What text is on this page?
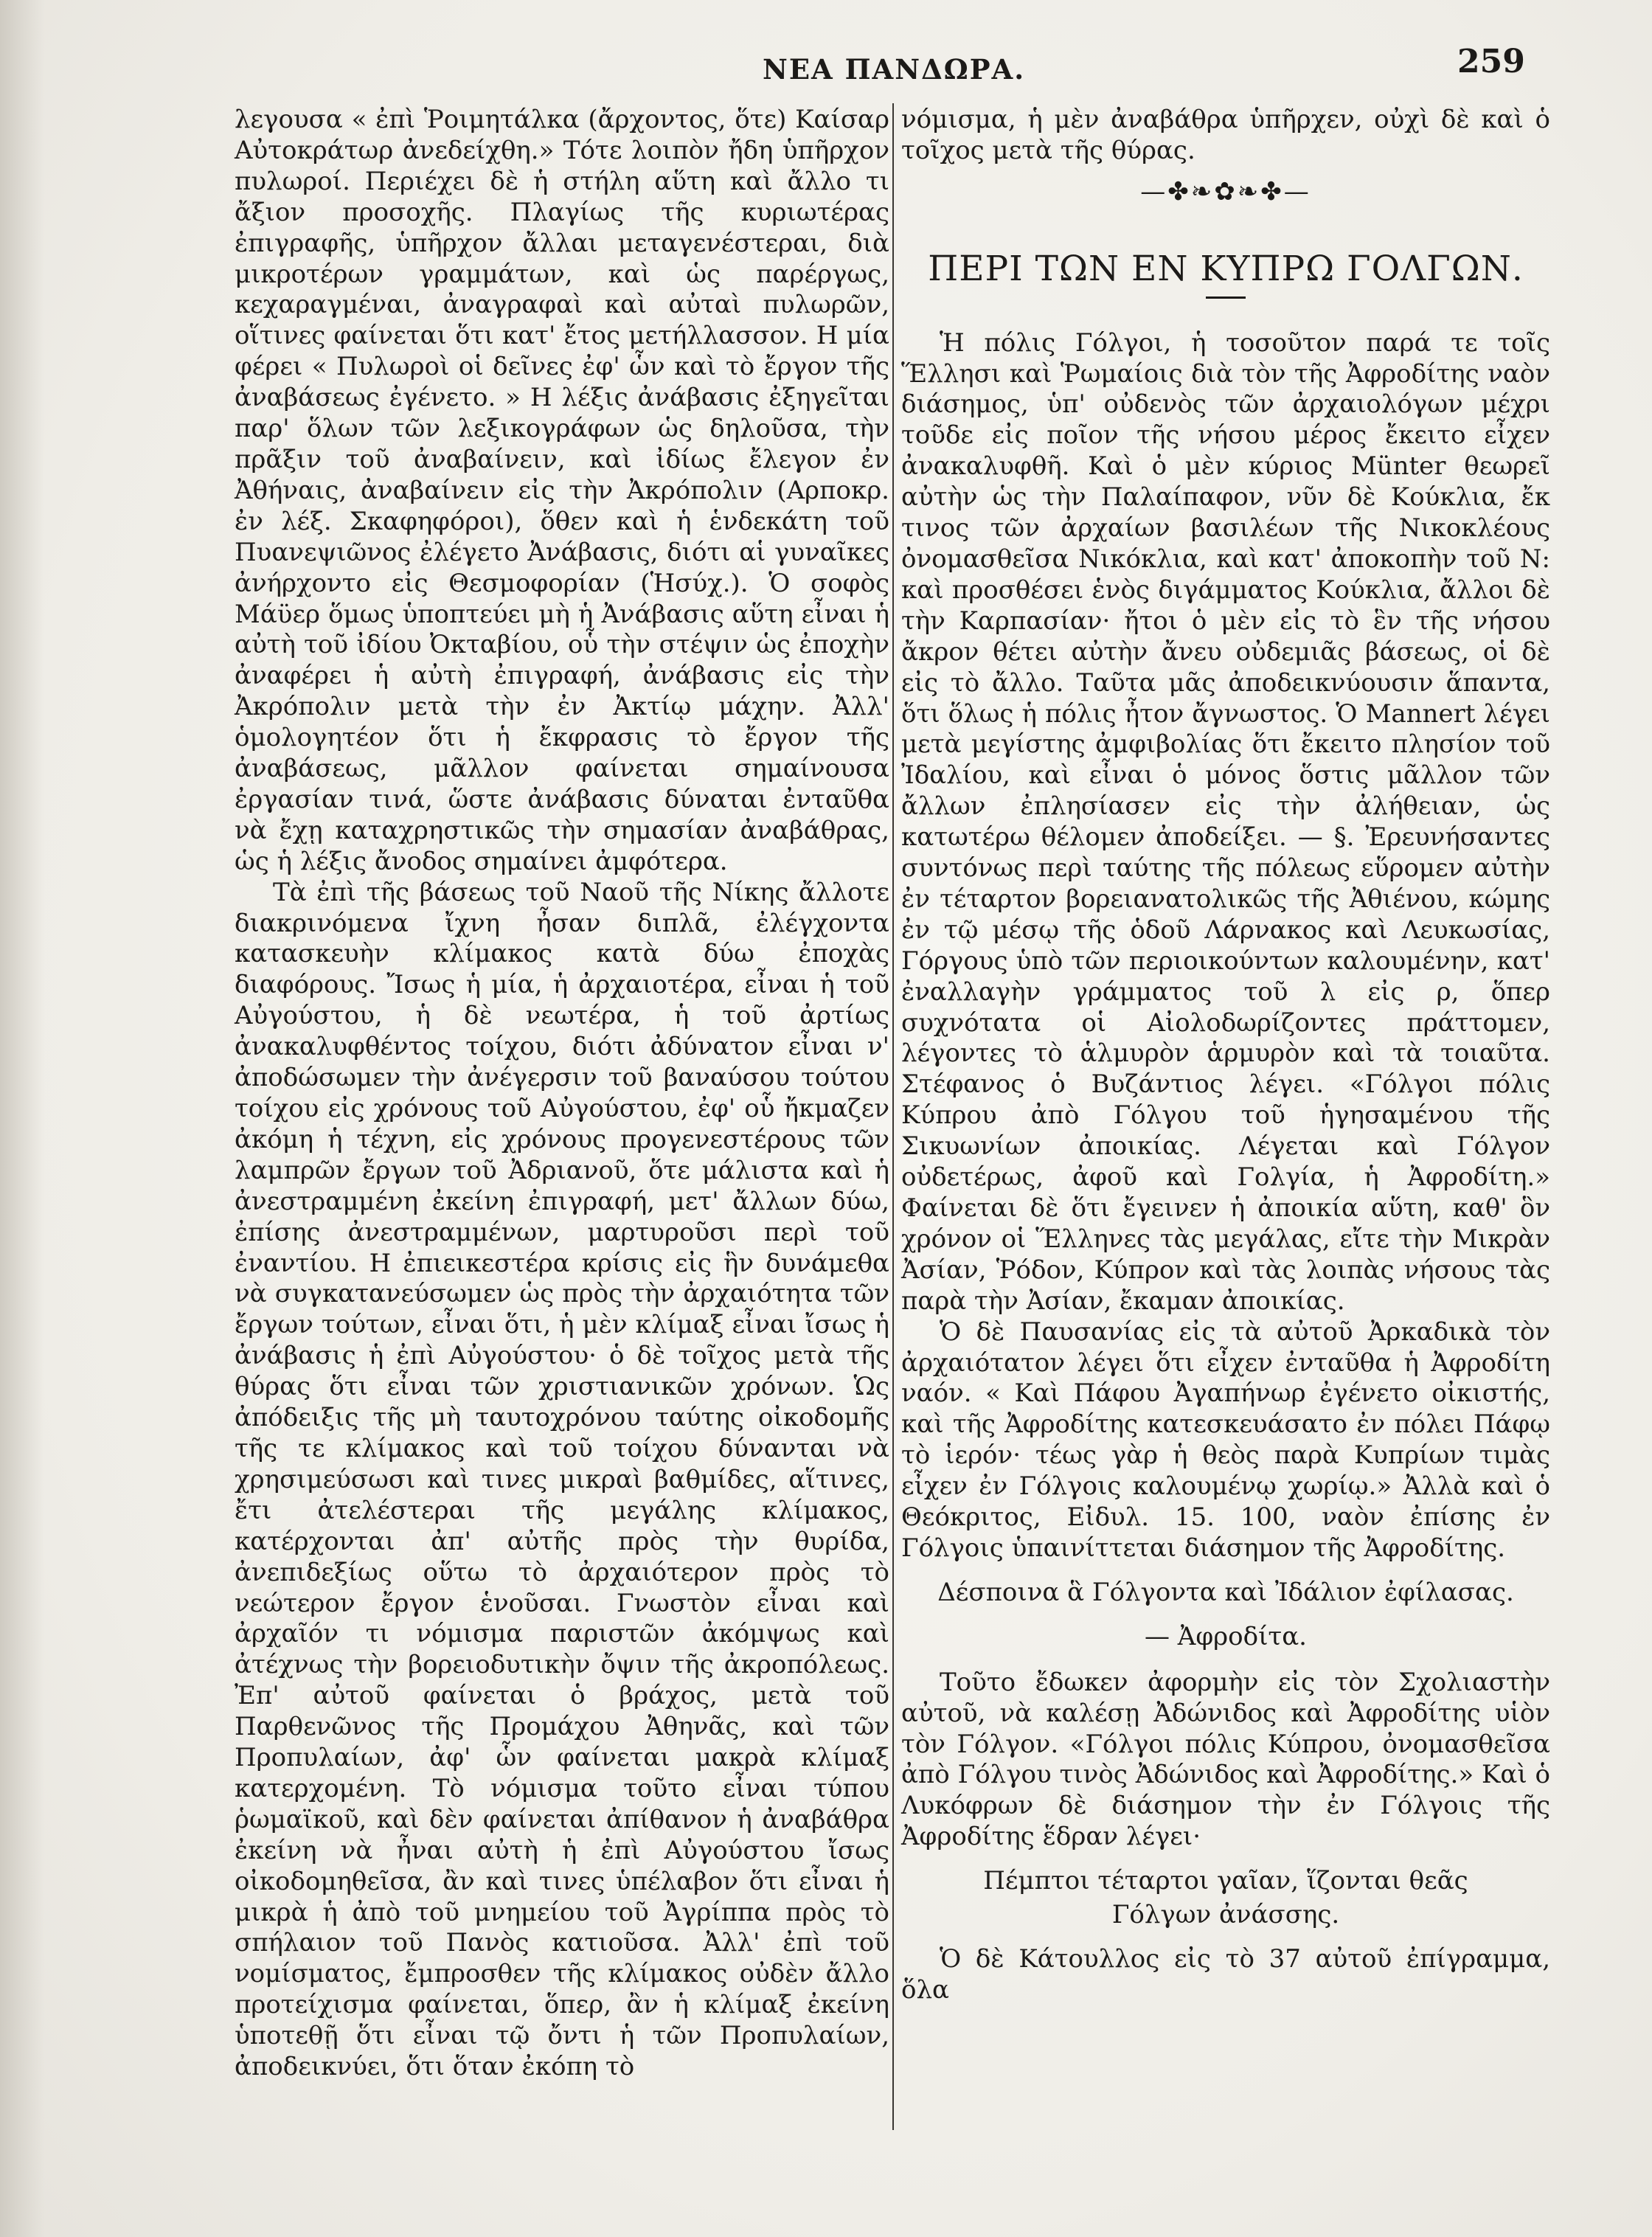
ΝΕΑ ΠΑΝΔΩΡΑ.	259

λεγουσα « ἐπὶ Ῥοιμητάλκα (ἄρχοντος, ὅτε) Καίσαρ Αὐτοκράτωρ ἀνεδείχθη.» Τότε λοιπὸν ἤδη ὑπῆρχον πυλωροί. Περιέχει δὲ ἡ στήλη αὕτη καὶ ἄλλο τι ἄξιον προσοχῆς. Πλαγίως τῆς κυριωτέρας ἐπιγραφῆς, ὑπῆρχον ἄλλαι μεταγενέστεραι, διὰ μικροτέρων γραμμάτων, καὶ ὡς παρέργως, κεχαραγμέναι, ἀναγραφαὶ καὶ αὐταὶ πυλωρῶν, οἵτινες φαίνεται ὅτι κατ' ἔτος μετήλλασσον. Η μία φέρει « Πυλωροὶ οἱ δεῖνες ἐφ' ὧν καὶ τὸ ἔργον τῆς ἀναβάσεως ἐγένετο. » Η λέξις ἀνάβασις ἐξηγεῖται παρ' ὅλων τῶν λεξικογράφων ὡς δηλοῦσα, τὴν πρᾶξιν τοῦ ἀναβαίνειν, καὶ ἰδίως ἔλεγον ἐν Ἀθήναις, ἀναβαίνειν εἰς τὴν Ἀκρόπολιν (Αρποκρ. ἐν λέξ. Σκαφηφόροι), ὅθεν καὶ ἡ ἑνδεκάτη τοῦ Πυανεψιῶνος ἐλέγετο Ἀνάβασις, διότι αἱ γυναῖκες ἀνήρχοντο εἰς Θεσμοφορίαν (Ἡσύχ.). Ὁ σοφὸς Μάϋερ ὅμως ὑποπτεύει μὴ ἡ Ἀνάβασις αὕτη εἶναι ἡ αὐτὴ τοῦ ἰδίου Ὀκταβίου, οὗ τὴν στέψιν ὡς ἐποχὴν ἀναφέρει ἡ αὐτὴ ἐπιγραφή, ἀνάβασις εἰς τὴν Ἀκρόπολιν μετὰ τὴν ἐν Ἀκτίῳ μάχην. Ἀλλ' ὁμολογητέον ὅτι ἡ ἔκφρασις τὸ ἔργον τῆς ἀναβάσεως, μᾶλλον φαίνεται σημαίνουσα ἐργασίαν τινά, ὥστε ἀνάβασις δύναται ἐνταῦθα νὰ ἔχῃ καταχρηστικῶς τὴν σημασίαν ἀναβάθρας, ὡς ἡ λέξις ἄνοδος σημαίνει ἀμφότερα.

Τὰ ἐπὶ τῆς βάσεως τοῦ Ναοῦ τῆς Νίκης ἄλλοτε διακρινόμενα ἴχνη ἦσαν διπλᾶ, ἐλέγχοντα κατασκευὴν κλίμακος κατὰ δύω ἐποχὰς διαφόρους. Ἴσως ἡ μία, ἡ ἀρχαιοτέρα, εἶναι ἡ τοῦ Αὐγούστου, ἡ δὲ νεωτέρα, ἡ τοῦ ἀρτίως ἀνακαλυφθέντος τοίχου, διότι ἀδύνατον εἶναι ν' ἀποδώσωμεν τὴν ἀνέγερσιν τοῦ βαναύσου τούτου τοίχου εἰς χρόνους τοῦ Αὐγούστου, ἐφ' οὗ ἤκμαζεν ἀκόμη ἡ τέχνη, εἰς χρόνους προγενεστέρους τῶν λαμπρῶν ἔργων τοῦ Ἀδριανοῦ, ὅτε μάλιστα καὶ ἡ ἀνεστραμμένη ἐκείνη ἐπιγραφή, μετ' ἄλλων δύω, ἐπίσης ἀνεστραμμένων, μαρτυροῦσι περὶ τοῦ ἐναντίου. Η ἐπιεικεστέρα κρίσις εἰς ἣν δυνάμεθα νὰ συγκατανεύσωμεν ὡς πρὸς τὴν ἀρχαιότητα τῶν ἔργων τούτων, εἶναι ὅτι, ἡ μὲν κλίμαξ εἶναι ἴσως ἡ ἀνάβασις ἡ ἐπὶ Αὐγούστου· ὁ δὲ τοῖχος μετὰ τῆς θύρας ὅτι εἶναι τῶν χριστιανικῶν χρόνων. Ὡς ἀπόδειξις τῆς μὴ ταυτοχρόνου ταύτης οἰκοδομῆς τῆς τε κλίμακος καὶ τοῦ τοίχου δύνανται νὰ χρησιμεύσωσι καὶ τινες μικραὶ βαθμίδες, αἵτινες, ἔτι ἀτελέστεραι τῆς μεγάλης κλίμακος, κατέρχονται ἀπ' αὐτῆς πρὸς τὴν θυρίδα, ἀνεπιδεξίως οὕτω τὸ ἀρχαιότερον πρὸς τὸ νεώτερον ἔργον ἑνοῦσαι. Γνωστὸν εἶναι καὶ ἀρχαῖόν τι νόμισμα παριστῶν ἀκόμψως καὶ ἀτέχνως τὴν βορειοδυτικὴν ὄψιν τῆς ἀκροπόλεως. Ἐπ' αὐτοῦ φαίνεται ὁ βράχος, μετὰ τοῦ Παρθενῶνος τῆς Προμάχου Ἀθηνᾶς, καὶ τῶν Προπυλαίων, ἀφ' ὧν φαίνεται μακρὰ κλίμαξ κατερχομένη. Τὸ νόμισμα τοῦτο εἶναι τύπου ῥωμαϊκοῦ, καὶ δὲν φαίνεται ἀπίθανον ἡ ἀναβάθρα ἐκείνη νὰ ἦναι αὐτὴ ἡ ἐπὶ Αὐγούστου ἴσως οἰκοδομηθεῖσα, ἂν καὶ τινες ὑπέλαβον ὅτι εἶναι ἡ μικρὰ ἡ ἀπὸ τοῦ μνημείου τοῦ Ἀγρίππα πρὸς τὸ σπήλαιον τοῦ Πανὸς κατιοῦσα. Ἀλλ' ἐπὶ τοῦ νομίσματος, ἔμπροσθεν τῆς κλίμακος οὐδὲν ἄλλο προτείχισμα φαίνεται, ὅπερ, ἂν ἡ κλίμαξ ἐκείνη ὑποτεθῇ ὅτι εἶναι τῷ ὄντι ἡ τῶν Προπυλαίων, ἀποδεικνύει, ὅτι ὅταν ἐκόπη τὸ

νόμισμα, ἡ μὲν ἀναβάθρα ὑπῆρχεν, οὐχὶ δὲ καὶ ὁ τοῖχος μετὰ τῆς θύρας.

—✤❧✿❧✤—
ΠΕΡΙ ΤΩΝ ΕΝ ΚΥΠΡΩ ΓΟΛΓΩΝ.

Ἡ πόλις Γόλγοι, ἡ τοσοῦτον παρά τε τοῖς Ἕλλησι καὶ Ῥωμαίοις διὰ τὸν τῆς Ἀφροδίτης ναὸν διάσημος, ὑπ' οὐδενὸς τῶν ἀρχαιολόγων μέχρι τοῦδε εἰς ποῖον τῆς νήσου μέρος ἔκειτο εἶχεν ἀνακαλυφθῆ. Καὶ ὁ μὲν κύριος Münter θεωρεῖ αὐτὴν ὡς τὴν Παλαίπαφον, νῦν δὲ Κούκλια, ἔκ τινος τῶν ἀρχαίων βασιλέων τῆς Νικοκλέους ὀνομασθεῖσα Νικόκλια, καὶ κατ' ἀποκοπὴν τοῦ Ν: καὶ προσθέσει ἑνὸς διγάμματος Κούκλια, ἄλλοι δὲ τὴν Καρπασίαν· ἤτοι ὁ μὲν εἰς τὸ ἓν τῆς νήσου ἄκρον θέτει αὐτὴν ἄνευ οὐδεμιᾶς βάσεως, οἱ δὲ εἰς τὸ ἄλλο. Ταῦτα μᾶς ἀποδεικνύουσιν ἅπαντα, ὅτι ὅλως ἡ πόλις ἦτον ἄγνωστος. Ὁ Mannert λέγει μετὰ μεγίστης ἀμφιβολίας ὅτι ἔκειτο πλησίον τοῦ Ἰδαλίου, καὶ εἶναι ὁ μόνος ὅστις μᾶλλον τῶν ἄλλων ἐπλησίασεν εἰς τὴν ἀλήθειαν, ὡς κατωτέρω θέλομεν ἀποδείξει. — §. Ἐρευνήσαντες συντόνως περὶ ταύτης τῆς πόλεως εὕρομεν αὐτὴν ἐν τέταρτον βορειανατολικῶς τῆς Ἀθιένου, κώμης ἐν τῷ μέσῳ τῆς ὁδοῦ Λάρνακος καὶ Λευκωσίας, Γόργους ὑπὸ τῶν περιοικούντων καλουμένην, κατ' ἐναλλαγὴν γράμματος τοῦ λ εἰς ρ, ὅπερ συχνότατα οἱ Αἰολοδωρίζοντες πράττομεν, λέγοντες τὸ ἁλμυρὸν ἁρμυρὸν καὶ τὰ τοιαῦτα. Στέφανος ὁ Βυζάντιος λέγει. «Γόλγοι πόλις Κύπρου ἀπὸ Γόλγου τοῦ ἡγησαμένου τῆς Σικυωνίων ἀποικίας. Λέγεται καὶ Γόλγον οὐδετέρως, ἀφοῦ καὶ Γολγία, ἡ Ἀφροδίτη.» Φαίνεται δὲ ὅτι ἔγεινεν ἡ ἀποικία αὕτη, καθ' ὃν χρόνον οἱ Ἕλληνες τὰς μεγάλας, εἴτε τὴν Μικρὰν Ἀσίαν, Ῥόδον, Κύπρον καὶ τὰς λοιπὰς νήσους τὰς παρὰ τὴν Ἀσίαν, ἔκαμαν ἀποικίας.

Ὁ δὲ Παυσανίας εἰς τὰ αὐτοῦ Ἀρκαδικὰ τὸν ἀρχαιότατον λέγει ὅτι εἶχεν ἐνταῦθα ἡ Ἀφροδίτη ναόν. « Καὶ Πάφου Ἀγαπήνωρ ἐγένετο οἰκιστής, καὶ τῆς Ἀφροδίτης κατεσκευάσατο ἐν πόλει Πάφῳ τὸ ἱερόν· τέως γὰρ ἡ θεὸς παρὰ Κυπρίων τιμὰς εἶχεν ἐν Γόλγοις καλουμένῳ χωρίῳ.» Ἀλλὰ καὶ ὁ Θεόκριτος, Εἰδυλ. 15. 100, ναὸν ἐπίσης ἐν Γόλγοις ὑπαινίττεται διάσημον τῆς Ἀφροδίτης.

Δέσποινα ἃ Γόλγοντα καὶ Ἰδάλιον ἐφίλασας.
— Ἀφροδίτα.

Τοῦτο ἔδωκεν ἀφορμὴν εἰς τὸν Σχολιαστὴν αὐτοῦ, νὰ καλέσῃ Ἀδώνιδος καὶ Ἀφροδίτης υἱὸν τὸν Γόλγον. «Γόλγοι πόλις Κύπρου, ὀνομασθεῖσα ἀπὸ Γόλγου τινὸς Ἀδώνιδος καὶ Ἀφροδίτης.» Καὶ ὁ Λυκόφρων δὲ διάσημον τὴν ἐν Γόλγοις τῆς Ἀφροδίτης ἕδραν λέγει·

Πέμπτοι τέταρτοι γαῖαν, ἵζονται θεᾶς
Γόλγων ἀνάσσης.

Ὁ δὲ Κάτουλλος εἰς τὸ 37 αὐτοῦ ἐπίγραμμα, ὅλα
